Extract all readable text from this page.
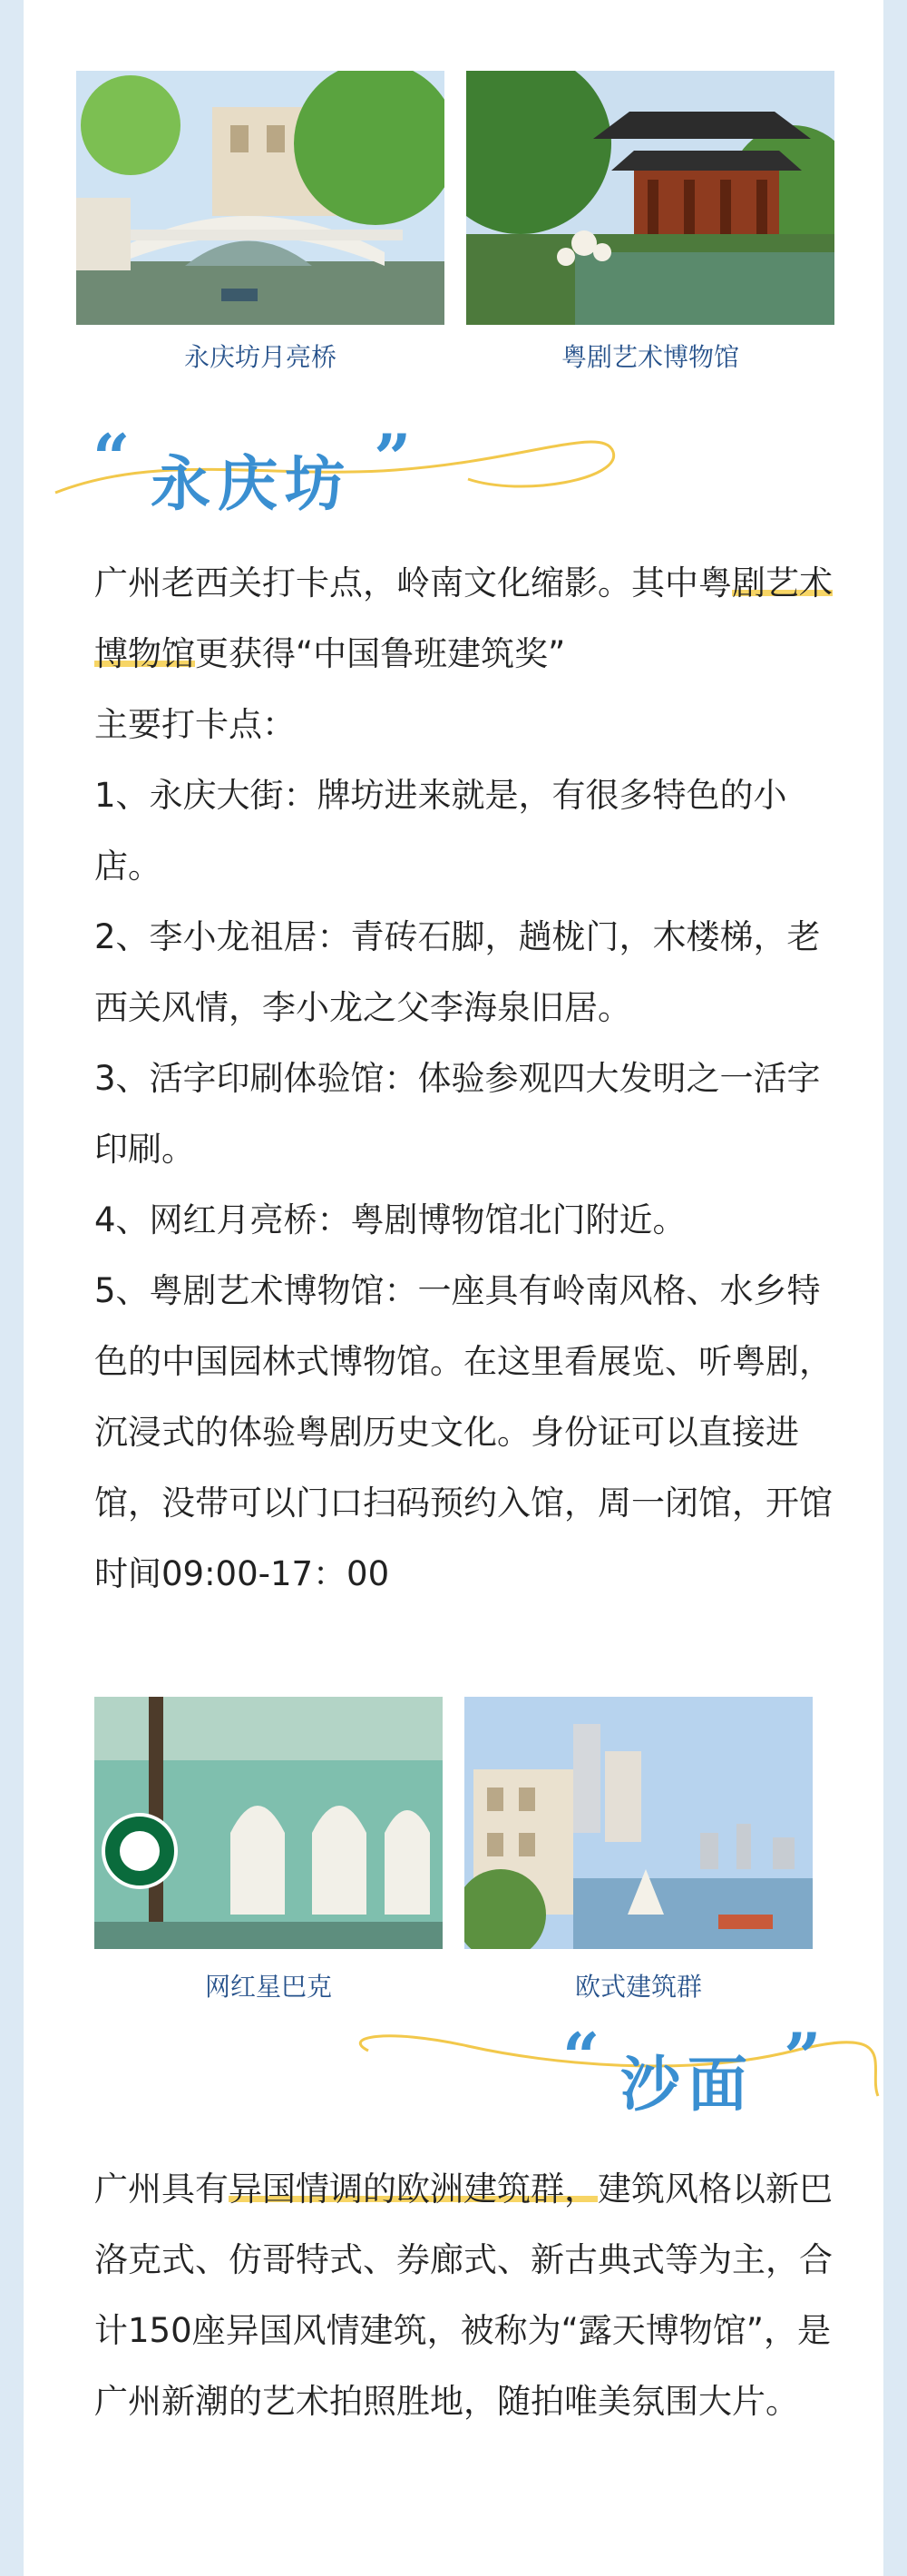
永庆坊月亮桥	粤剧艺术博物馆
“ 永庆坊 ”

广州老西关打卡点，岭南文化缩影。其中粤剧艺术博物馆更获得“中国鲁班建筑奖”

主要打卡点：

1、永庆大街：牌坊进来就是，有很多特色的小店。

2、李小龙祖居：青砖石脚，趟栊门，木楼梯，老西关风情，李小龙之父李海泉旧居。

3、活字印刷体验馆：体验参观四大发明之一活字印刷。

4、网红月亮桥：粤剧博物馆北门附近。

5、粤剧艺术博物馆：一座具有岭南风格、水乡特色的中国园林式博物馆。在这里看展览、听粤剧，沉浸式的体验粤剧历史文化。身份证可以直接进馆，没带可以门口扫码预约入馆，周一闭馆，开馆时间09:00-17：00

网红星巴克	欧式建筑群
“ 沙面 ”

广州具有异国情调的欧洲建筑群，建筑风格以新巴洛克式、仿哥特式、券廊式、新古典式等为主，合计150座异国风情建筑，被称为“露天博物馆”，是广州新潮的艺术拍照胜地，随拍唯美氛围大片。
